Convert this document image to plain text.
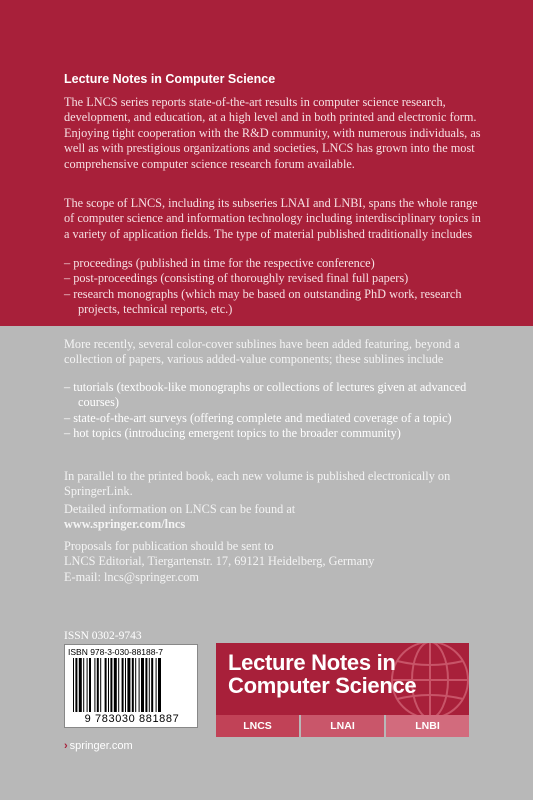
Lecture Notes in Computer Science

The LNCS series reports state-of-the-art results in computer science research, development, and education, at a high level and in both printed and electronic form. Enjoying tight cooperation with the R&D community, with numerous individuals, as well as with prestigious organizations and societies, LNCS has grown into the most comprehensive computer science research forum available.

The scope of LNCS, including its subseries LNAI and LNBI, spans the whole range of computer science and information technology including interdisciplinary topics in a variety of application fields. The type of material published traditionally includes

– proceedings (published in time for the respective conference)
– post-proceedings (consisting of thoroughly revised final full papers)
– research monographs (which may be based on outstanding PhD work, research projects, technical reports, etc.)

More recently, several color-cover sublines have been added featuring, beyond a collection of papers, various added-value components; these sublines include

– tutorials (textbook-like monographs or collections of lectures given at advanced courses)
– state-of-the-art surveys (offering complete and mediated coverage of a topic)
– hot topics (introducing emergent topics to the broader community)

In parallel to the printed book, each new volume is published electronically on SpringerLink.

Detailed information on LNCS can be found at
www.springer.com/lncs
Proposals for publication should be sent to
LNCS Editorial, Tiergartenstr. 17, 69121 Heidelberg, Germany
E-mail: lncs@springer.com
ISSN 0302-9743
ISBN 978-3-030-88188-7
9 783030 881887
› springer.com
Lecture Notes in
Computer Science
LNCS	LNAI	LNBI
